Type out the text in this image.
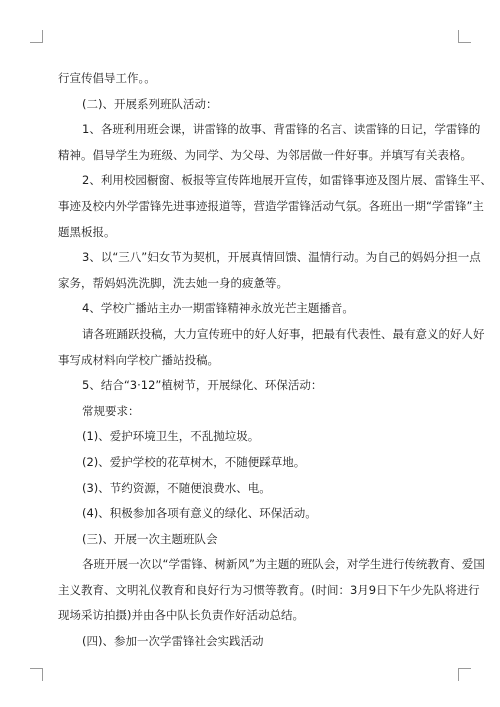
行宣传倡导工作。。

(二)、开展系列班队活动：

1、各班利用班会课，讲雷锋的故事、背雷锋的名言、读雷锋的日记，学雷锋的

精神。倡导学生为班级、为同学、为父母、为邻居做一件好事。并填写有关表格。

2、利用校园橱窗、板报等宣传阵地展开宣传，如雷锋事迹及图片展、雷锋生平、

事迹及校内外学雷锋先进事迹报道等，营造学雷锋活动气氛。各班出一期“学雷锋”主

题黑板报。

3、以“三八”妇女节为契机，开展真情回馈、温情行动。为自己的妈妈分担一点

家务，帮妈妈洗洗脚，洗去她一身的疲惫等。

4、学校广播站主办一期雷锋精神永放光芒主题播音。

请各班踊跃投稿，大力宣传班中的好人好事，把最有代表性、最有意义的好人好

事写成材料向学校广播站投稿。

5、结合“3·12”植树节，开展绿化、环保活动：

常规要求：

(1)、爱护环境卫生，不乱抛垃圾。

(2)、爱护学校的花草树木，不随便踩草地。

(3)、节约资源，不随便浪费水、电。

(4)、积极参加各项有意义的绿化、环保活动。

(三)、开展一次主题班队会

各班开展一次以“学雷锋、树新风”为主题的班队会，对学生进行传统教育、爱国

主义教育、文明礼仪教育和良好行为习惯等教育。(时间：3月9日下午少先队将进行

现场采访拍摄)并由各中队长负责作好活动总结。

(四)、参加一次学雷锋社会实践活动
